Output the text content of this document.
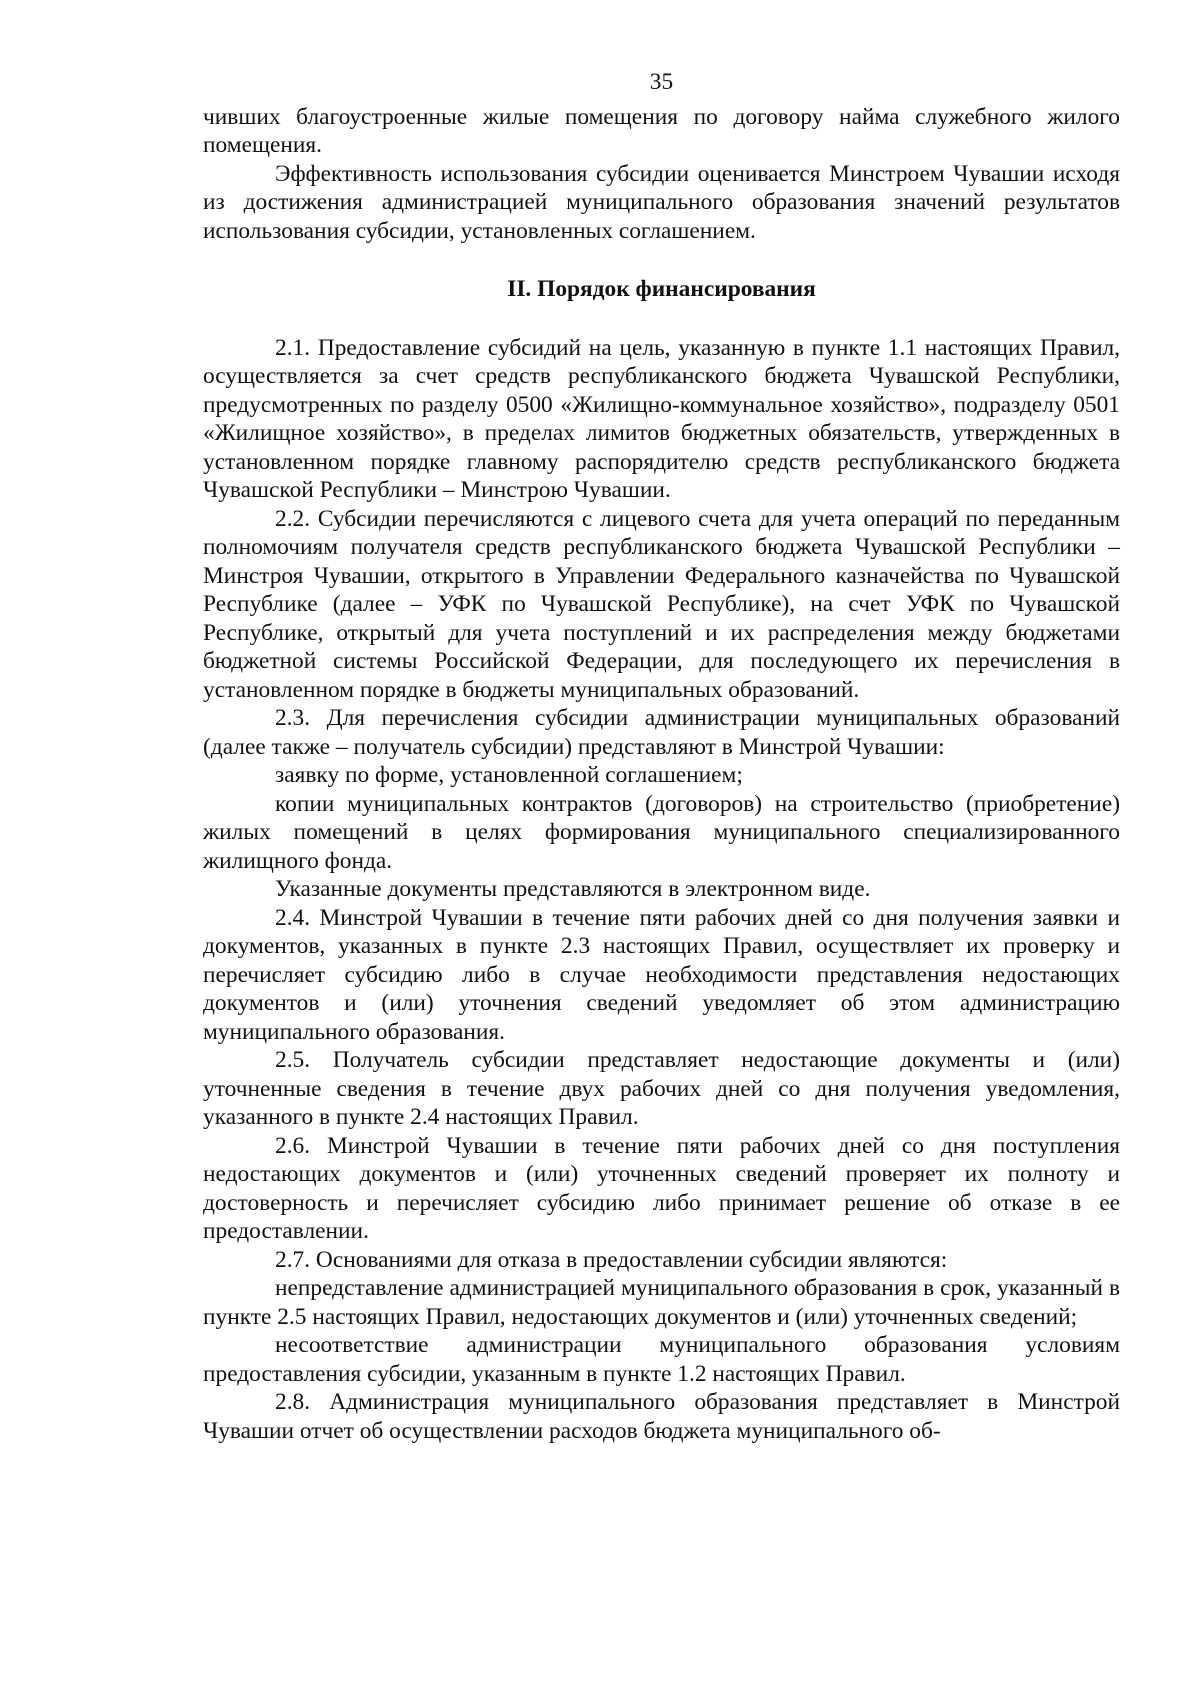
35

чивших благоустроенные жилые помещения по договору найма служебного жилого помещения.

Эффективность использования субсидии оценивается Минстроем Чувашии исходя из достижения администрацией муниципального образования значений результатов использования субсидии, установленных соглашением.

II. Порядок финансирования

2.1. Предоставление субсидий на цель, указанную в пункте 1.1 настоящих Правил, осуществляется за счет средств республиканского бюджета Чувашской Республики, предусмотренных по разделу 0500 «Жилищно-коммунальное хозяйство», подразделу 0501 «Жилищное хозяйство», в пределах лимитов бюджетных обязательств, утвержденных в установленном порядке главному распорядителю средств республиканского бюджета Чувашской Республики – Минстрою Чувашии.

2.2. Субсидии перечисляются с лицевого счета для учета операций по переданным полномочиям получателя средств республиканского бюджета Чувашской Республики – Минстроя Чувашии, открытого в Управлении Федерального казначейства по Чувашской Республике (далее – УФК по Чувашской Республике), на счет УФК по Чувашской Республике, открытый для учета поступлений и их распределения между бюджетами бюджетной системы Российской Федерации, для последующего их перечисления в установленном порядке в бюджеты муниципальных образований.

2.3. Для перечисления субсидии администрации муниципальных образований (далее также – получатель субсидии) представляют в Минстрой Чувашии:

заявку по форме, установленной соглашением;

копии муниципальных контрактов (договоров) на строительство (приобретение) жилых помещений в целях формирования муниципального специализированного жилищного фонда.

Указанные документы представляются в электронном виде.

2.4. Минстрой Чувашии в течение пяти рабочих дней со дня получения заявки и документов, указанных в пункте 2.3 настоящих Правил, осуществляет их проверку и перечисляет субсидию либо в случае необходимости представления недостающих документов и (или) уточнения сведений уведомляет об этом администрацию муниципального образования.

2.5. Получатель субсидии представляет недостающие документы и (или) уточненные сведения в течение двух рабочих дней со дня получения уведомления, указанного в пункте 2.4 настоящих Правил.

2.6. Минстрой Чувашии в течение пяти рабочих дней со дня поступления недостающих документов и (или) уточненных сведений проверяет их полноту и достоверность и перечисляет субсидию либо принимает решение об отказе в ее предоставлении.

2.7. Основаниями для отказа в предоставлении субсидии являются:

непредставление администрацией муниципального образования в срок, указанный в пункте 2.5 настоящих Правил, недостающих документов и (или) уточненных сведений;

несоответствие администрации муниципального образования условиям предоставления субсидии, указанным в пункте 1.2 настоящих Правил.

2.8. Администрация муниципального образования представляет в Минстрой Чувашии отчет об осуществлении расходов бюджета муниципального об-
